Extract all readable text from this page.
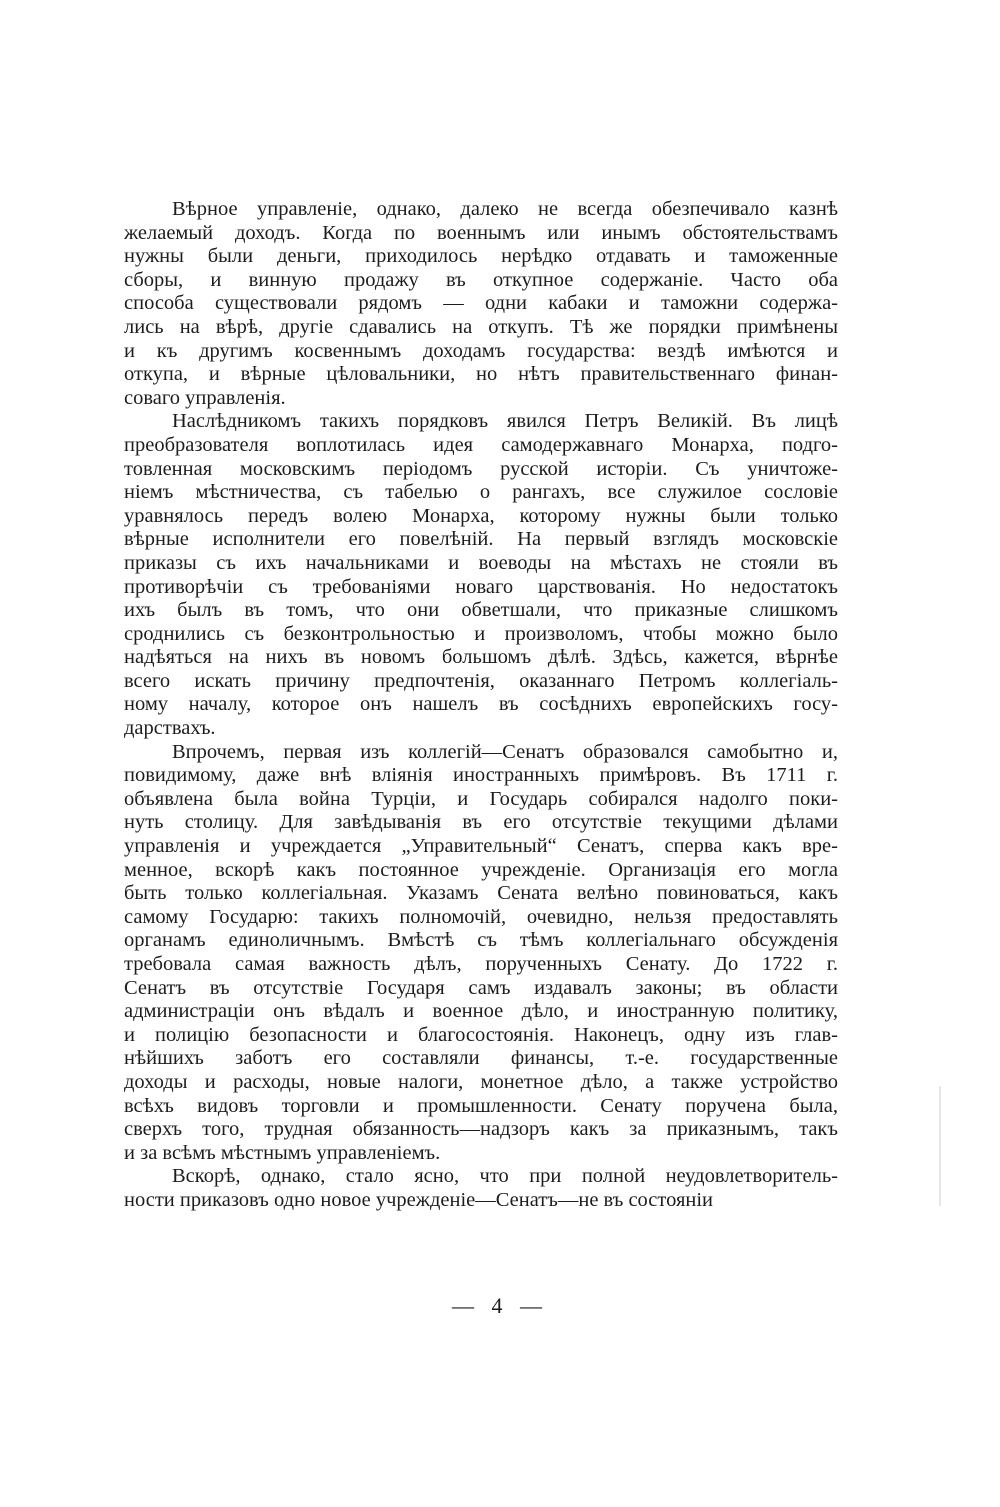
Вѣрное управленіе, однако, далеко не всегда обезпечивало казнѣ
желаемый доходъ. Когда по военнымъ или инымъ обстоятельствамъ
нужны были деньги, приходилось нерѣдко отдавать и таможенные
сборы, и винную продажу въ откупное содержаніе. Часто оба
способа существовали рядомъ — одни кабаки и таможни содержа-
лись на вѣрѣ, другіе сдавались на откупъ. Тѣ же порядки примѣнены
и къ другимъ косвеннымъ доходамъ государства: вездѣ имѣются и
откупа, и вѣрные цѣловальники, но нѣтъ правительственнаго финан-
соваго управленія.
Наслѣдникомъ такихъ порядковъ явился Петръ Великій. Въ лицѣ
преобразователя воплотилась идея самодержавнаго Монарха, подго-
товленная московскимъ періодомъ русской исторіи. Съ уничтоже-
ніемъ мѣстничества, съ табелью о рангахъ, все служилое сословіе
уравнялось передъ волею Монарха, которому нужны были только
вѣрные исполнители его повелѣній. На первый взглядъ московскіе
приказы съ ихъ начальниками и воеводы на мѣстахъ не стояли въ
противорѣчіи съ требованіями новаго царствованія. Но недостатокъ
ихъ былъ въ томъ, что они обветшали, что приказные слишкомъ
сроднились съ безконтрольностью и произволомъ, чтобы можно было
надѣяться на нихъ въ новомъ большомъ дѣлѣ. Здѣсь, кажется, вѣрнѣе
всего искать причину предпочтенія, оказаннаго Петромъ коллегіаль-
ному началу, которое онъ нашелъ въ сосѣднихъ европейскихъ госу-
дарствахъ.
Впрочемъ, первая изъ коллегій—Сенатъ образовался самобытно и,
повидимому, даже внѣ вліянія иностранныхъ примѣровъ. Въ 1711 г.
объявлена была война Турціи, и Государь собирался надолго поки-
нуть столицу. Для завѣдыванія въ его отсутствіе текущими дѣлами
управленія и учреждается „Управительный“ Сенатъ, сперва какъ вре-
менное, вскорѣ какъ постоянное учрежденіе. Организація его могла
быть только коллегіальная. Указамъ Сената велѣно повиноваться, какъ
самому Государю: такихъ полномочій, очевидно, нельзя предоставлять
органамъ единоличнымъ. Вмѣстѣ съ тѣмъ коллегіальнаго обсужденія
требовала самая важность дѣлъ, порученныхъ Сенату. До 1722 г.
Сенатъ въ отсутствіе Государя самъ издавалъ законы; въ области
администраціи онъ вѣдалъ и военное дѣло, и иностранную политику,
и полицію безопасности и благосостоянія. Наконецъ, одну изъ глав-
нѣйшихъ заботъ его составляли финансы, т.-е. государственные
доходы и расходы, новые налоги, монетное дѣло, а также устройство
всѣхъ видовъ торговли и промышленности. Сенату поручена была,
сверхъ того, трудная обязанность—надзоръ какъ за приказнымъ, такъ
и за всѣмъ мѣстнымъ управленіемъ.
Вскорѣ, однако, стало ясно, что при полной неудовлетворитель-
ности приказовъ одно новое учрежденіе—Сенатъ—не въ состояніи
— 4 —
